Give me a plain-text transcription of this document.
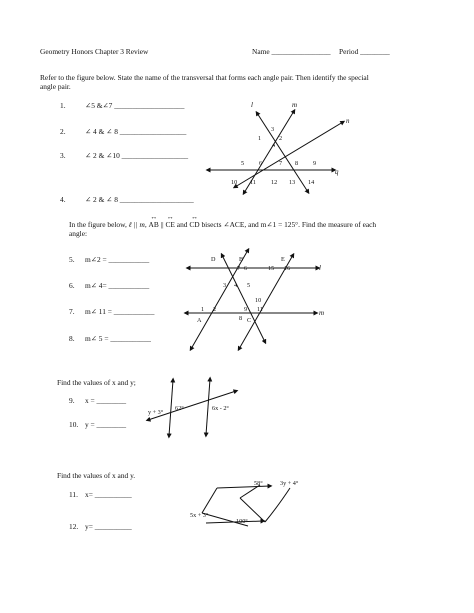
Geometry Honors Chapter 3 Review	Name ________________ Period ________
Refer to the figure below. State the name of the transversal that forms each angle pair. Then identify the special
angle pair.
1.	∠5 &∠7 ___________________
2.	∠ 4 & ∠ 8 __________________
3.	∠ 2 & ∠10 __________________
4.	∠ 2 & ∠ 8 ____________________
l	m
n
q
3
1	2
4
5 6	7 8 9
10 11 12 13 14
D	B	E
A	C
l
m
7 6	15 16
3 4 5
10
1 2	9 11
8
62°
y + 3°
6x - 2°
58°	3y + 4°
5x + 3°
100°
In the figure below, ℓ || m, ↔ AB || ↔ CE and ↔ CD bisects ∠ACE, and m∠1 = 125°. Find the measure of each
angle:
5. m∠2 = ___________
6. m∠ 4= ___________
7. m∠ 11 = ___________
8. m∠ 5 = ___________
Find the values of x and y;
9. x = ________
10. y = ________
Find the values of x and y.
11. x= __________
12. y= __________
